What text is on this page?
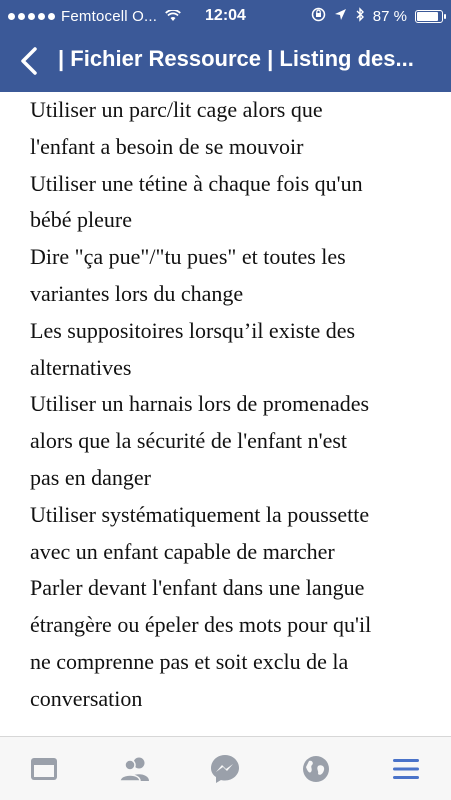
Femtocell O...	12:04	87 %
| Fichier Ressource | Listing des...
Utiliser un parc/lit cage alors que
l'enfant a besoin de se mouvoir
Utiliser une tétine à chaque fois qu'un
bébé pleure
Dire "ça pue"/"tu pues" et toutes les
variantes lors du change
Les suppositoires lorsqu’il existe des
alternatives
Utiliser un harnais lors de promenades
alors que la sécurité de l'enfant n'est
pas en danger
Utiliser systématiquement la poussette
avec un enfant capable de marcher
Parler devant l'enfant dans une langue
étrangère ou épeler des mots pour qu'il
ne comprenne pas et soit exclu de la
conversation
